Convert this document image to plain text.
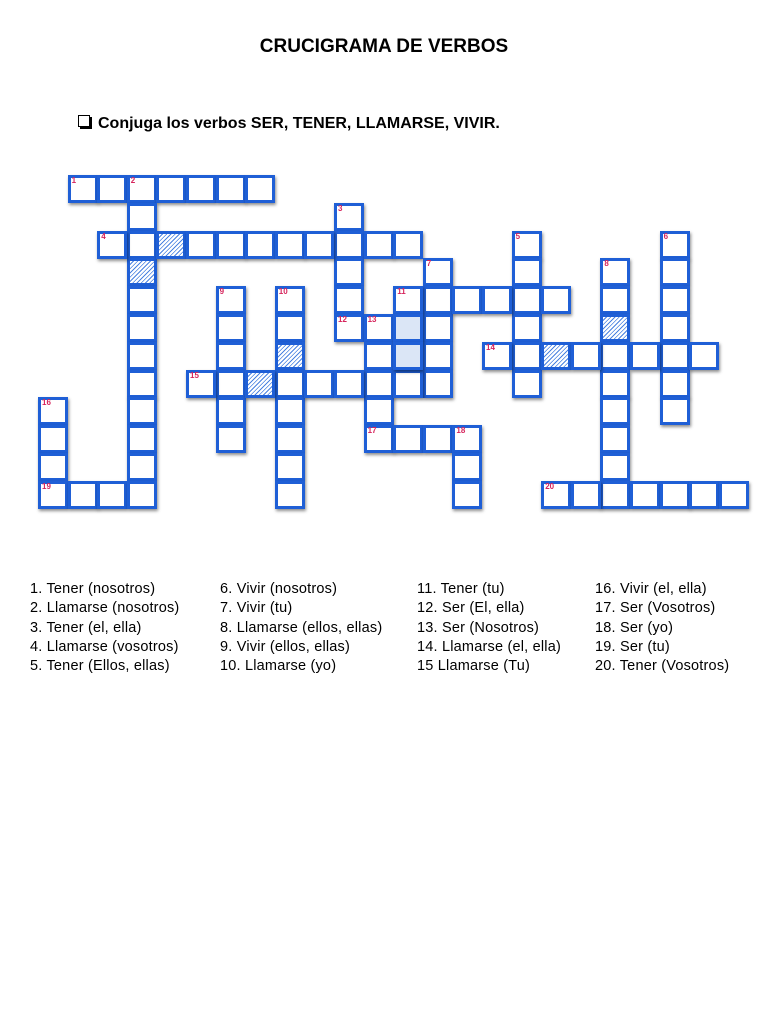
CRUCIGRAMA DE VERBOS
Conjuga los verbos SER, TENER, LLAMARSE, VIVIR.
1	2
3
12
4	5	6
7	8
9	10	11
13
17
14
15
16
19
18
20
1. Tener (nosotros)
2. Llamarse (nosotros)
3. Tener (el, ella)
4. Llamarse (vosotros)
5. Tener (Ellos, ellas)
6. Vivir (nosotros)
7. Vivir (tu)
8. Llamarse (ellos, ellas)
9. Vivir (ellos, ellas)
10. Llamarse (yo)
11. Tener (tu)
12. Ser (El, ella)
13. Ser (Nosotros)
14. Llamarse (el, ella)
15 Llamarse (Tu)
16. Vivir (el, ella)
17. Ser (Vosotros)
18. Ser (yo)
19. Ser (tu)
20. Tener (Vosotros)
